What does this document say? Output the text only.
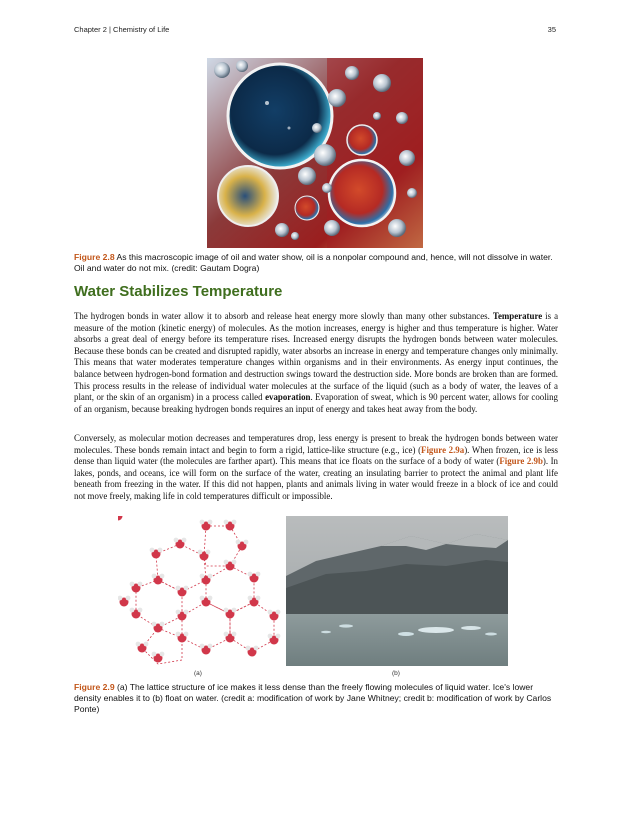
Chapter 2 | Chemistry of Life	35
Figure 2.8 As this macroscopic image of oil and water show, oil is a nonpolar compound and, hence, will not dissolve in water. Oil and water do not mix. (credit: Gautam Dogra)
Water Stabilizes Temperature

The hydrogen bonds in water allow it to absorb and release heat energy more slowly than many other substances. Temperature is a measure of the motion (kinetic energy) of molecules. As the motion increases, energy is higher and thus temperature is higher. Water absorbs a great deal of energy before its temperature rises. Increased energy disrupts the hydrogen bonds between water molecules. Because these bonds can be created and disrupted rapidly, water absorbs an increase in energy and temperature changes only minimally. This means that water moderates temperature changes within organisms and in their environments. As energy input continues, the balance between hydrogen-bond formation and destruction swings toward the destruction side. More bonds are broken than are formed. This process results in the release of individual water molecules at the surface of the liquid (such as a body of water, the leaves of a plant, or the skin of an organism) in a process called evaporation. Evaporation of sweat, which is 90 percent water, allows for cooling of an organism, because breaking hydrogen bonds requires an input of energy and takes heat away from the body.

Conversely, as molecular motion decreases and temperatures drop, less energy is present to break the hydrogen bonds between water molecules. These bonds remain intact and begin to form a rigid, lattice-like structure (e.g., ice) (Figure 2.9a). When frozen, ice is less dense than liquid water (the molecules are farther apart). This means that ice floats on the surface of a body of water (Figure 2.9b). In lakes, ponds, and oceans, ice will form on the surface of the water, creating an insulating barrier to protect the animal and plant life beneath from freezing in the water. If this did not happen, plants and animals living in water would freeze in a block of ice and could not move freely, making life in cold temperatures difficult or impossible.

(a)	(b)
Figure 2.9 (a) The lattice structure of ice makes it less dense than the freely flowing molecules of liquid water. Ice's lower density enables it to (b) float on water. (credit a: modification of work by Jane Whitney; credit b: modification of work by Carlos Ponte)
